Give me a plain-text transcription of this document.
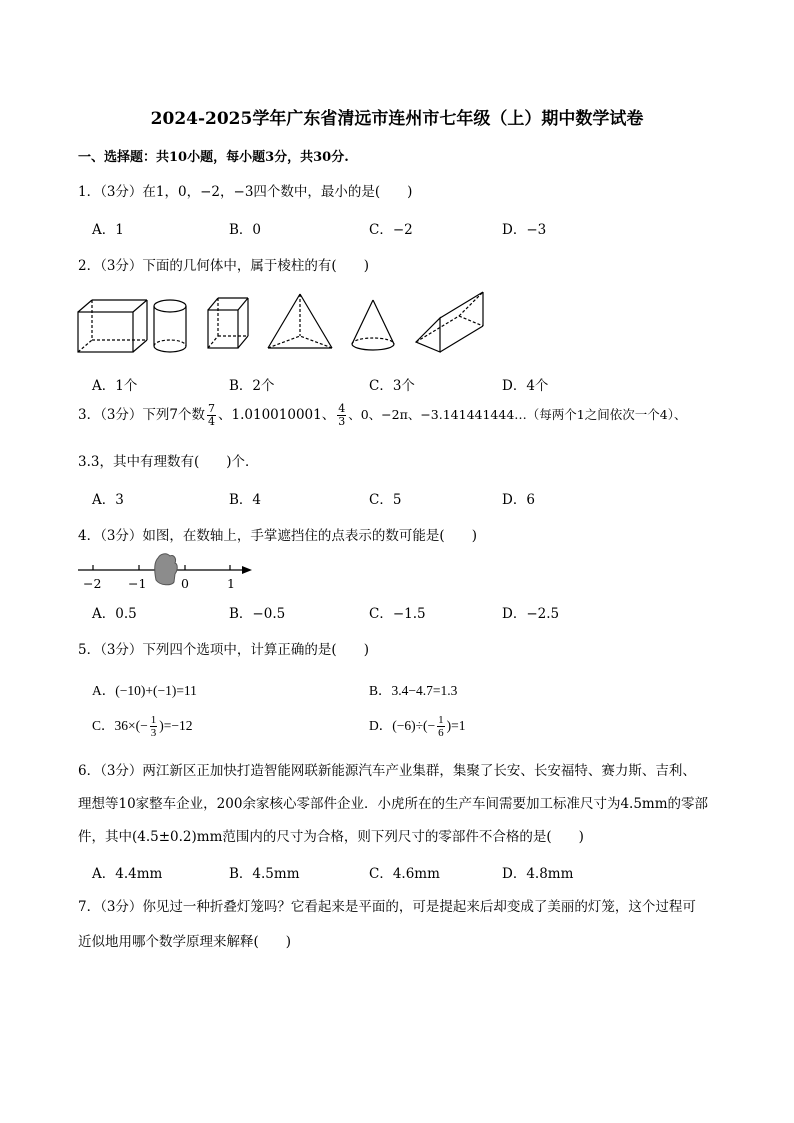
2024-2025学年广东省清远市连州市七年级（上）期中数学试卷
一、选择题：共10小题，每小题3分，共30分.
1．（3分）在1，0，−2，−3四个数中，最小的是(　　)
A．1	B．0	C．−2	D．−3
2．（3分）下面的几何体中，属于棱柱的有(　　)
A．1个	B．2个	C．3个	D．4个
3．（3分）下列7个数 $\frac{7}{4}$ 、1.010010001、 $\frac{4}{3}$ 、0、−2π、−3.141441444…（每两个1之间依次一个4）、
3.3，其中有理数有(　　)个．
A．3	B．4	C．5	D．6
4．（3分）如图，在数轴上，手掌遮挡住的点表示的数可能是(　　)
−2 −1	0	1
A．0.5	B．−0.5	C．−1.5	D．−2.5
5．（3分）下列四个选项中，计算正确的是(　　)
A．(−10)+(−1)=11	B．3.4−4.7=1.3
C．$36\times(- \frac{1}{3} )=-12$	D．$(-6)\div(- \frac{1}{6} )=1$
6．（3分）两江新区正加快打造智能网联新能源汽车产业集群，集聚了长安、长安福特、赛力斯、吉利、
理想等10家整车企业，200余家核心零部件企业．小虎所在的生产车间需要加工标准尺寸为4.5mm的零部
件，其中(4.5±0.2)mm范围内的尺寸为合格，则下列尺寸的零部件不合格的是(　　)
A．4.4mm	B．4.5mm	C．4.6mm	D．4.8mm
7．（3分）你见过一种折叠灯笼吗？它看起来是平面的，可是提起来后却变成了美丽的灯笼，这个过程可
近似地用哪个数学原理来解释(　　)
